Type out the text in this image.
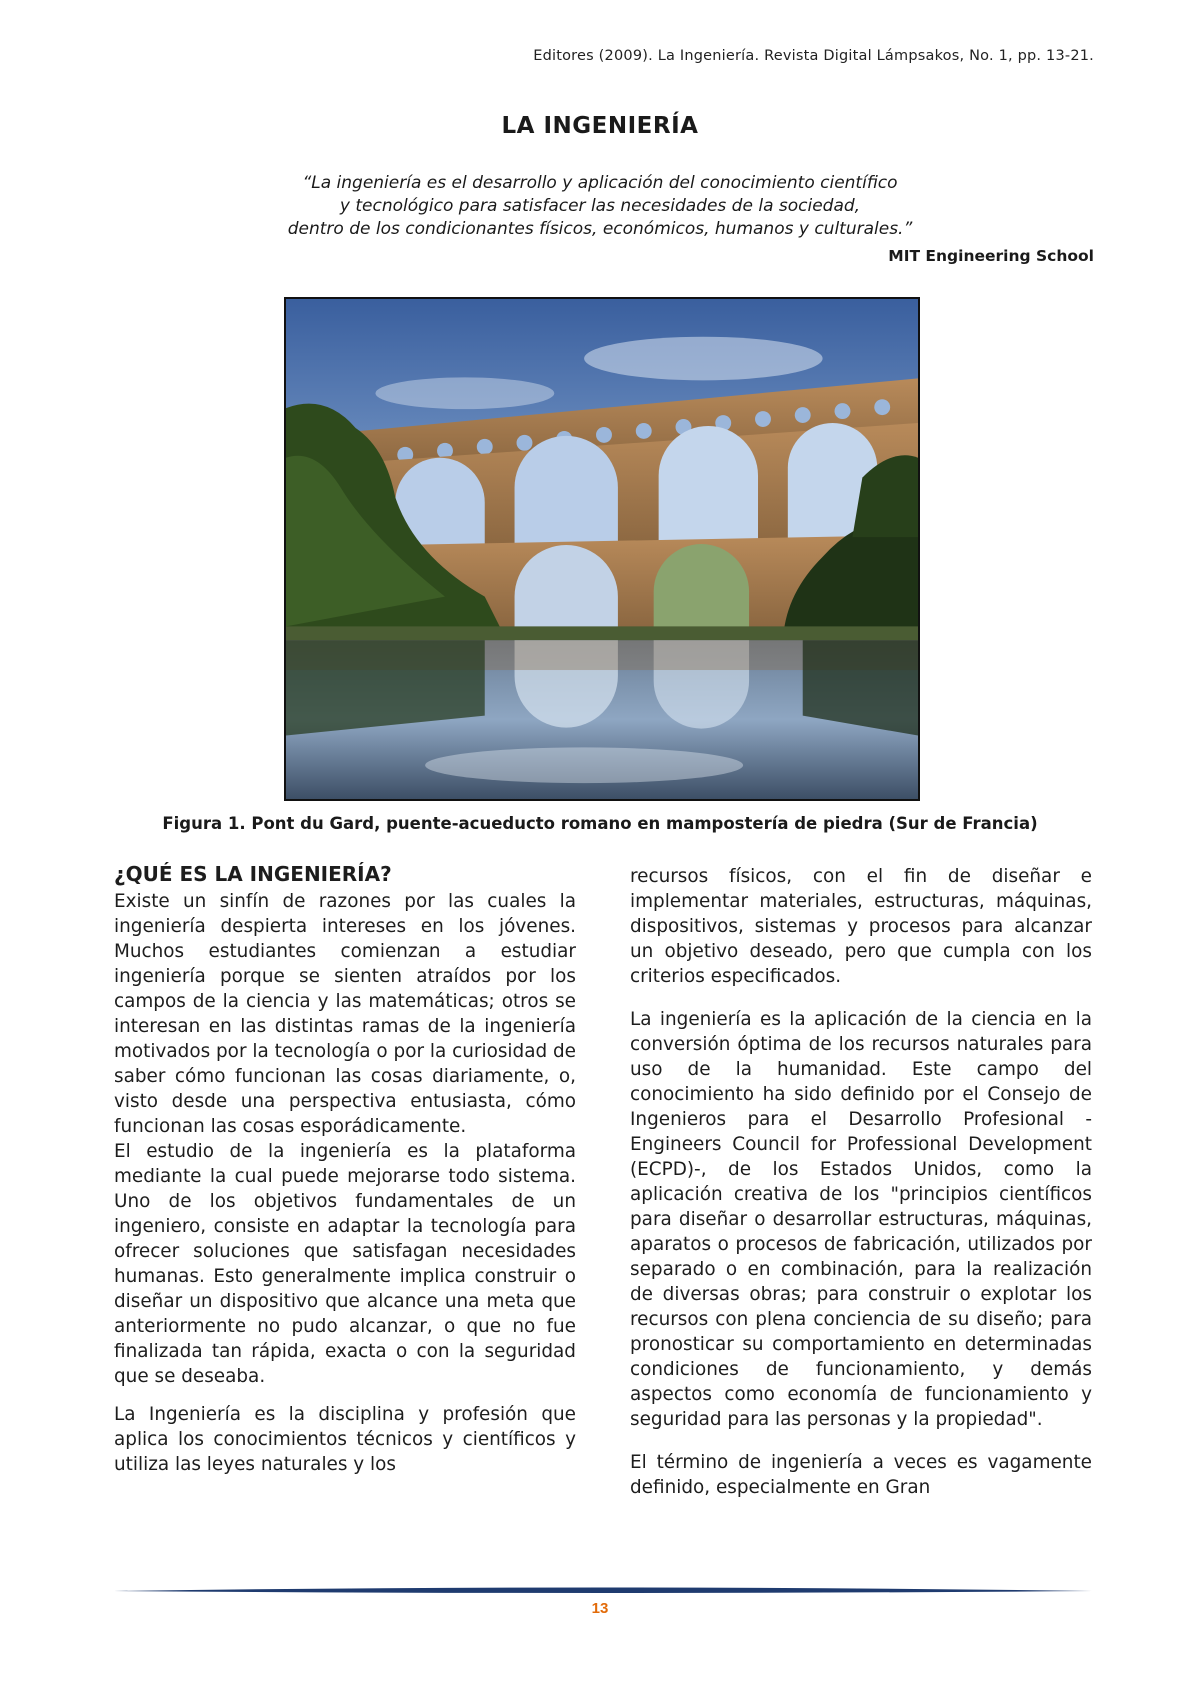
Editores (2009). La Ingeniería. Revista Digital Lámpsakos, No. 1, pp. 13-21.
LA INGENIERÍA
“La ingeniería es el desarrollo y aplicación del conocimiento científico
y tecnológico para satisfacer las necesidades de la sociedad,
dentro de los condicionantes físicos, económicos, humanos y culturales.”
MIT Engineering School
Figura 1. Pont du Gard, puente-acueducto romano en mampostería de piedra (Sur de Francia)
¿QUÉ ES LA INGENIERÍA?

Existe un sinfín de razones por las cuales la ingeniería despierta intereses en los jóvenes. Muchos estudiantes comienzan a estudiar ingeniería porque se sienten atraídos por los campos de la ciencia y las matemáticas; otros se interesan en las distintas ramas de la ingeniería motivados por la tecnología o por la curiosidad de saber cómo funcionan las cosas diariamente, o, visto desde una perspectiva entusiasta, cómo funcionan las cosas esporádicamente.

El estudio de la ingeniería es la plataforma mediante la cual puede mejorarse todo sistema. Uno de los objetivos fundamentales de un ingeniero, consiste en adaptar la tecnología para ofrecer soluciones que satisfagan necesidades humanas. Esto generalmente implica construir o diseñar un dispositivo que alcance una meta que anteriormente no pudo alcanzar, o que no fue finalizada tan rápida, exacta o con la seguridad que se deseaba.

La Ingeniería es la disciplina y profesión que aplica los conocimientos técnicos y científicos y utiliza las leyes naturales y los

recursos físicos, con el fin de diseñar e implementar materiales, estructuras, máquinas, dispositivos, sistemas y procesos para alcanzar un objetivo deseado, pero que cumpla con los criterios especificados.

La ingeniería es la aplicación de la ciencia en la conversión óptima de los recursos naturales para uso de la humanidad. Este campo del conocimiento ha sido definido por el Consejo de Ingenieros para el Desarrollo Profesional -Engineers Council for Professional Development (ECPD)-, de los Estados Unidos, como la aplicación creativa de los "principios científicos para diseñar o desarrollar estructuras, máquinas, aparatos o procesos de fabricación, utilizados por separado o en combinación, para la realización de diversas obras; para construir o explotar los recursos con plena conciencia de su diseño; para pronosticar su comportamiento en determinadas condiciones de funcionamiento, y demás aspectos como economía de funcionamiento y seguridad para las personas y la propiedad".

El término de ingeniería a veces es vagamente definido, especialmente en Gran

13
